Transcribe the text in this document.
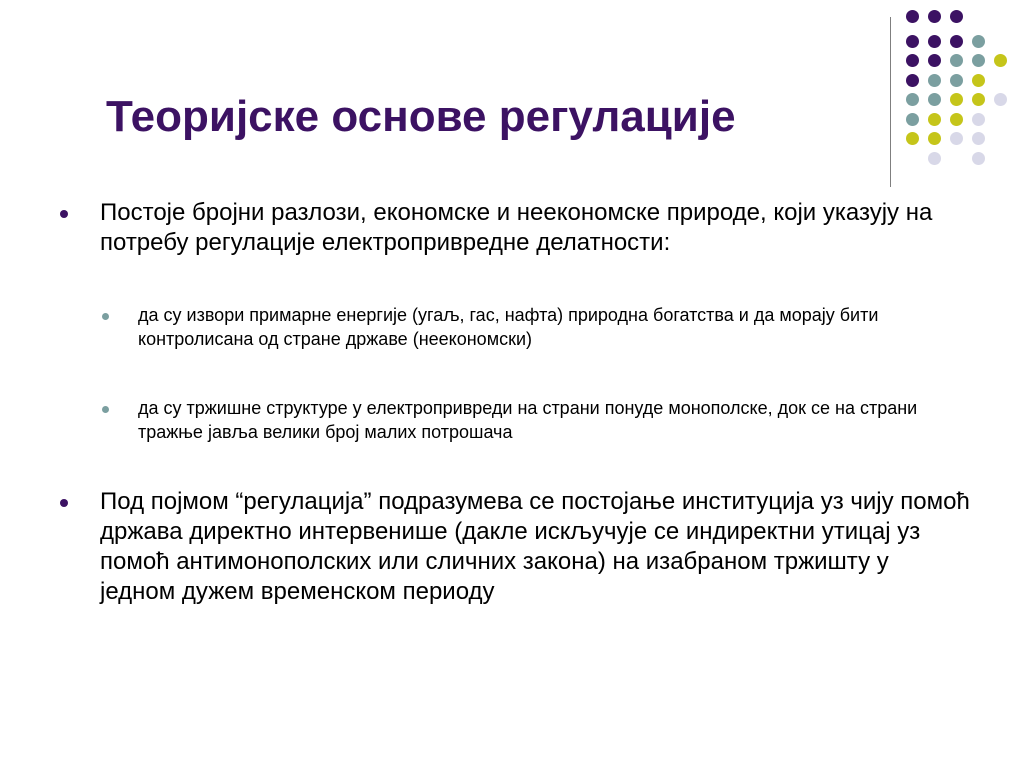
Теоријске основе регулације
Постоје бројни разлози, економске и неекономске природе, који указују на потребу регулације електропривредне делатности:
да су извори примарне енергије (угаљ, гас, нафта) природна богатства и да морају бити контролисана од стране државе (неекономски)
да су тржишне структуре у електропривреди на страни понуде монополске, док се на страни тражње јавља велики број малих потрошача
Под појмом “регулација” подразумева се постојање институција уз чију помоћ држава директно интервенише (дакле искључује се индиректни утицај уз помоћ антимонополских или сличних закона) на изабраном тржишту у једном дужем временском периоду
